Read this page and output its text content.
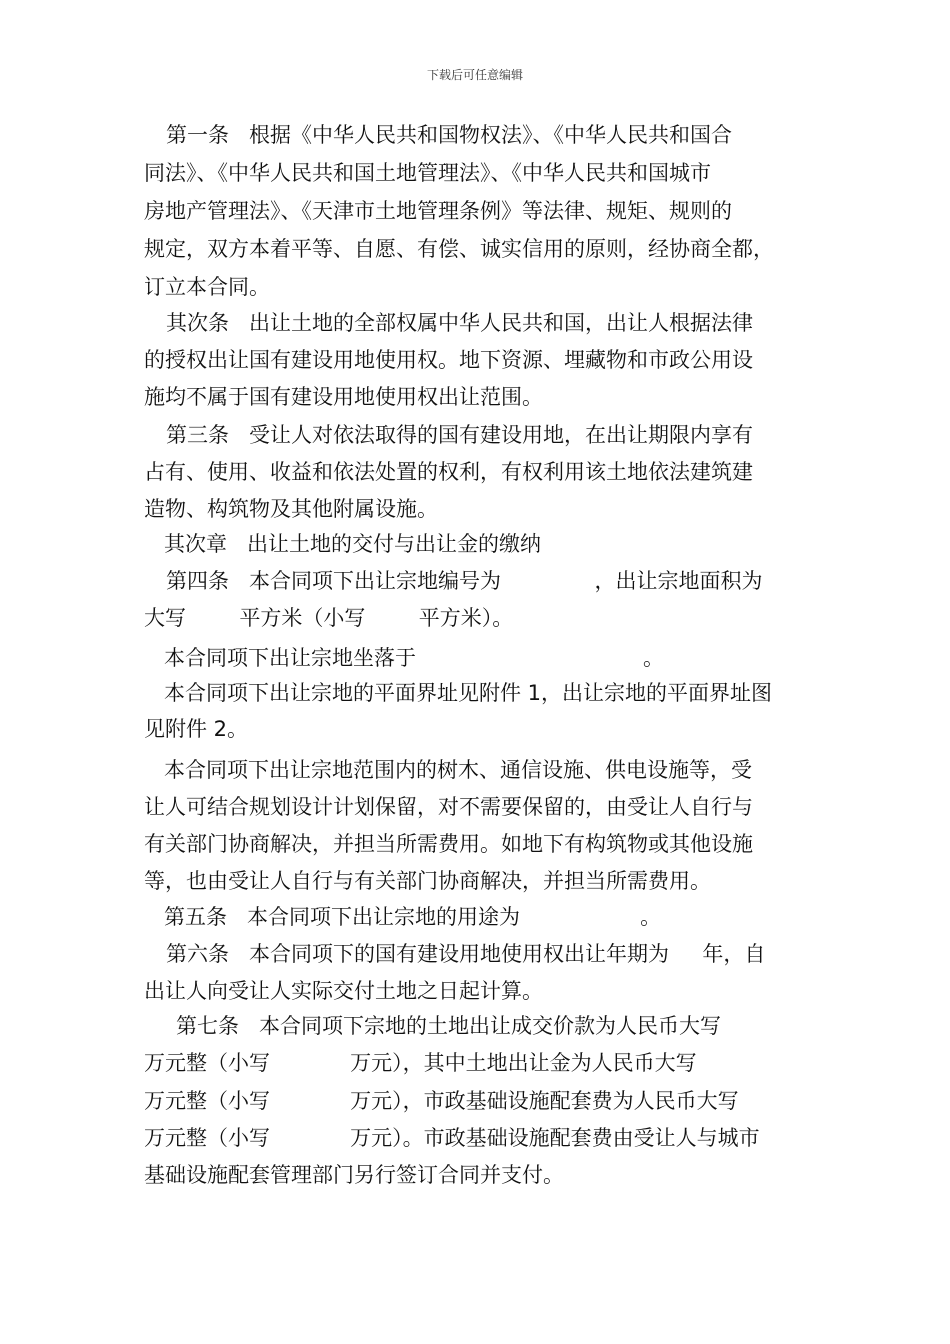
下载后可任意编辑
第一条   根据《中华人民共和国物权法》、《中华人民共和国合
同法》、《中华人民共和国土地管理法》、《中华人民共和国城市
房地产管理法》、《天津市土地管理条例》等法律、规矩、规则的
规定，双方本着平等、自愿、有偿、诚实信用的原则，经协商全都，
订立本合同。
其次条   出让土地的全部权属中华人民共和国，出让人根据法律
的授权出让国有建设用地使用权。地下资源、埋藏物和市政公用设
施均不属于国有建设用地使用权出让范围。
第三条   受让人对依法取得的国有建设用地，在出让期限内享有
占有、使用、收益和依法处置的权利，有权利用该土地依法建筑建
造物、构筑物及其他附属设施。
其次章   出让土地的交付与出让金的缴纳
第四条   本合同项下出让宗地编号为              ，出让宗地面积为
大写        平方米（小写        平方米）。
本合同项下出让宗地坐落于                                  。
本合同项下出让宗地的平面界址见附件 1，出让宗地的平面界址图
见附件 2。
本合同项下出让宗地范围内的树木、通信设施、供电设施等，受
让人可结合规划设计计划保留，对不需要保留的，由受让人自行与
有关部门协商解决，并担当所需费用。如地下有构筑物或其他设施
等，也由受让人自行与有关部门协商解决，并担当所需费用。
第五条   本合同项下出让宗地的用途为                  。
第六条   本合同项下的国有建设用地使用权出让年期为     年，自
出让人向受让人实际交付土地之日起计算。
第七条   本合同项下宗地的土地出让成交价款为人民币大写
万元整（小写            万元），其中土地出让金为人民币大写
万元整（小写            万元），市政基础设施配套费为人民币大写
万元整（小写            万元）。市政基础设施配套费由受让人与城市
基础设施配套管理部门另行签订合同并支付。
